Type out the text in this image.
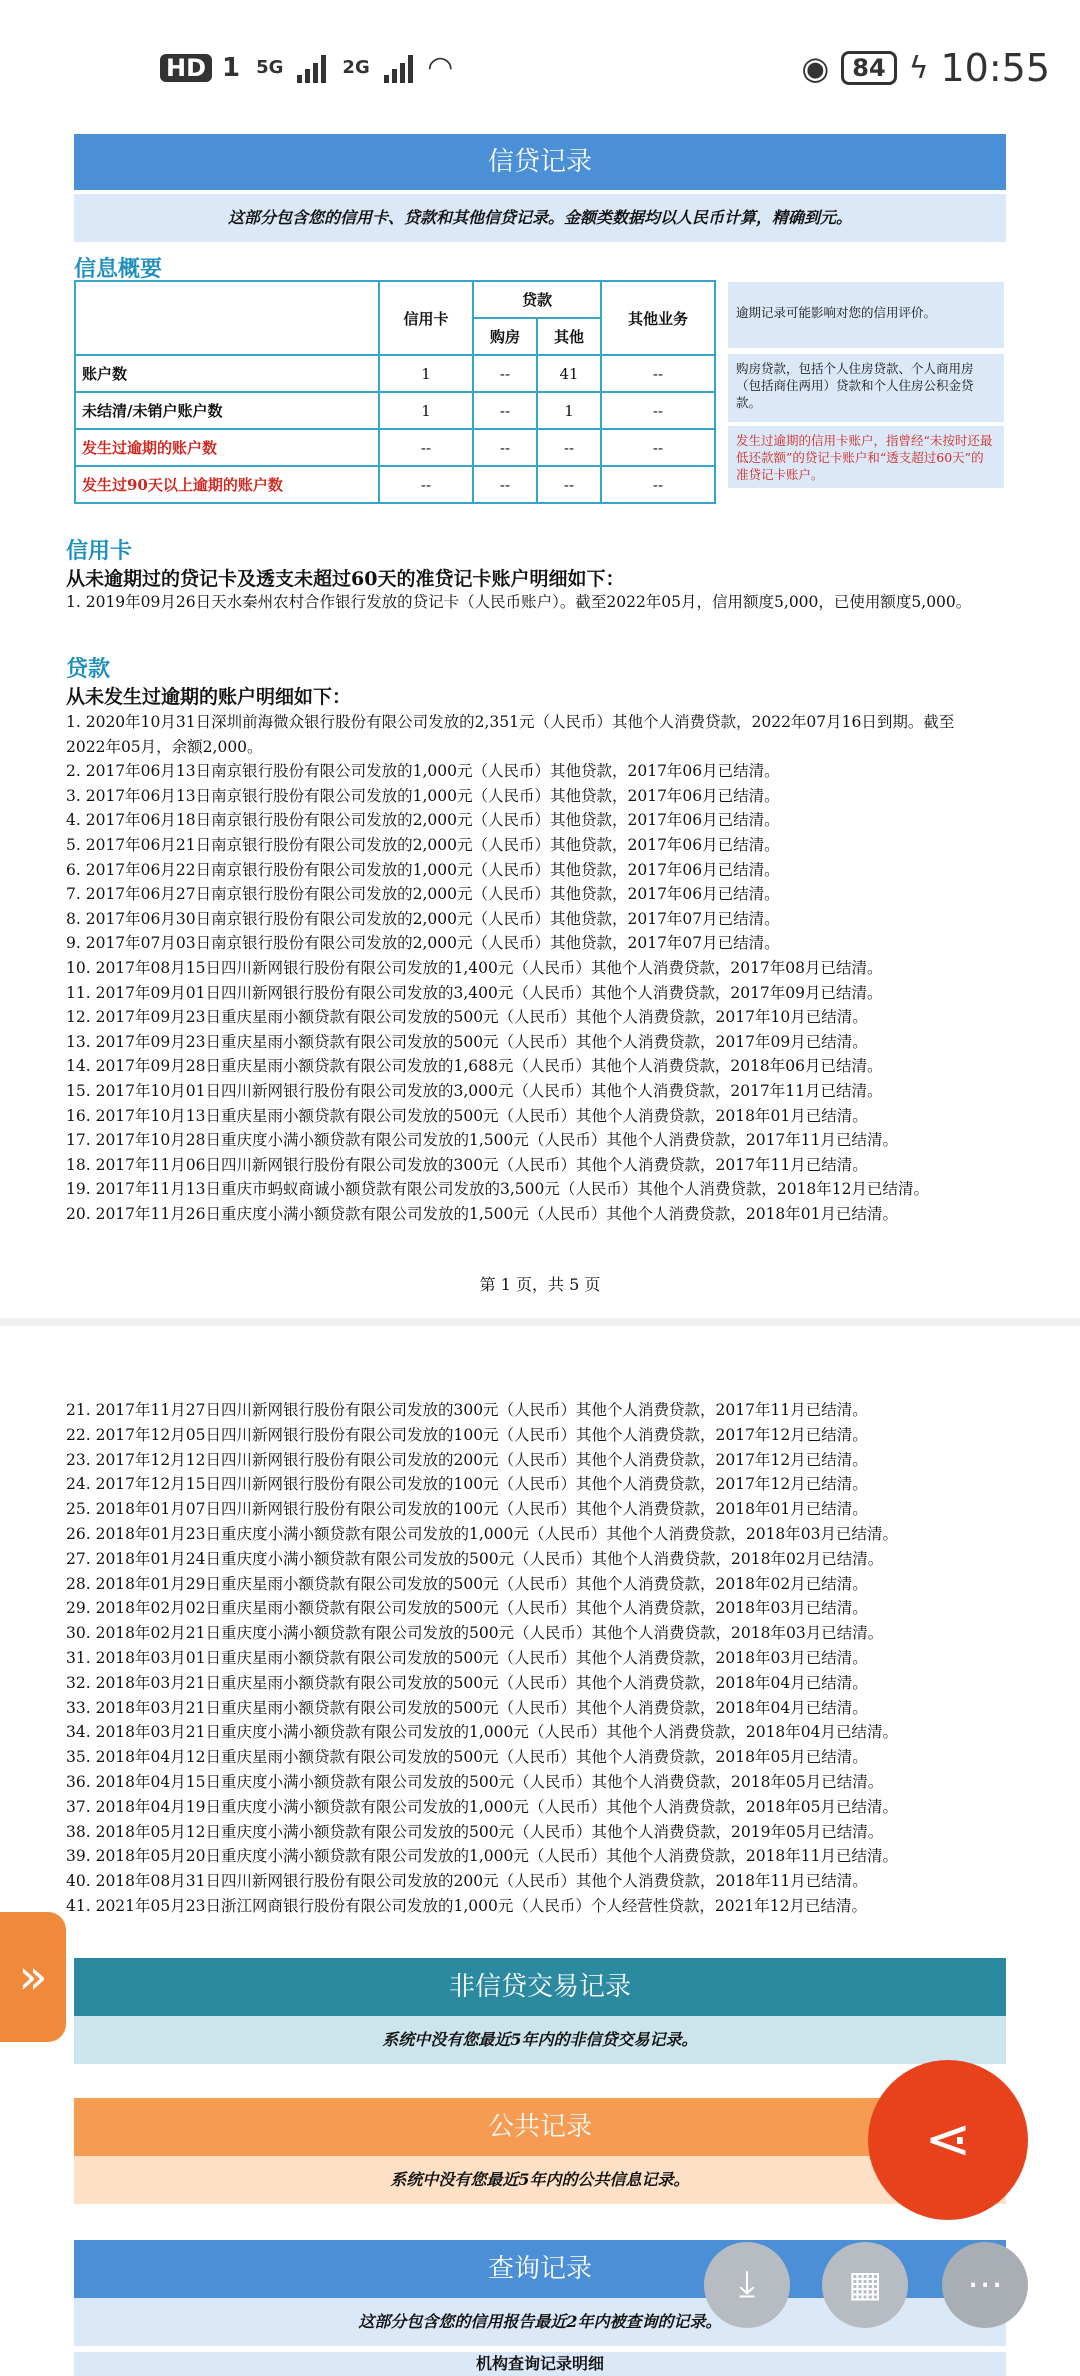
HD 1 5G	2G ◠	◉ 84 ϟ 10:55
信贷记录
这部分包含您的信用卡、贷款和其他信贷记录。金额类数据均以人民币计算，精确到元。
信息概要
	信用卡	贷款		其他业务
		购房	其他	
账户数	1	--	41	--
未结清/未销户账户数	1	--	1	--
发生过逾期的账户数	--	--	--	--
发生过90天以上逾期的账户数	--	--	--	--
逾期记录可能影响对您的信用评价。
购房贷款，包括个人住房贷款、个人商用房（包括商住两用）贷款和个人住房公积金贷款。
发生过逾期的信用卡账户，指曾经“未按时还最低还款额”的贷记卡账户和“透支超过60天”的准贷记卡账户。
信用卡
从未逾期过的贷记卡及透支未超过60天的准贷记卡账户明细如下：
1. 2019年09月26日天水秦州农村合作银行发放的贷记卡（人民币账户）。截至2022年05月，信用额度5,000，已使用额度5,000。
贷款
从未发生过逾期的账户明细如下：
1. 2020年10月31日深圳前海微众银行股份有限公司发放的2,351元（人民币）其他个人消费贷款，2022年07月16日到期。截至
2022年05月，余额2,000。
2. 2017年06月13日南京银行股份有限公司发放的1,000元（人民币）其他贷款，2017年06月已结清。
3. 2017年06月13日南京银行股份有限公司发放的1,000元（人民币）其他贷款，2017年06月已结清。
4. 2017年06月18日南京银行股份有限公司发放的2,000元（人民币）其他贷款，2017年06月已结清。
5. 2017年06月21日南京银行股份有限公司发放的2,000元（人民币）其他贷款，2017年06月已结清。
6. 2017年06月22日南京银行股份有限公司发放的1,000元（人民币）其他贷款，2017年06月已结清。
7. 2017年06月27日南京银行股份有限公司发放的2,000元（人民币）其他贷款，2017年06月已结清。
8. 2017年06月30日南京银行股份有限公司发放的2,000元（人民币）其他贷款，2017年07月已结清。
9. 2017年07月03日南京银行股份有限公司发放的2,000元（人民币）其他贷款，2017年07月已结清。
10. 2017年08月15日四川新网银行股份有限公司发放的1,400元（人民币）其他个人消费贷款，2017年08月已结清。
11. 2017年09月01日四川新网银行股份有限公司发放的3,400元（人民币）其他个人消费贷款，2017年09月已结清。
12. 2017年09月23日重庆星雨小额贷款有限公司发放的500元（人民币）其他个人消费贷款，2017年10月已结清。
13. 2017年09月23日重庆星雨小额贷款有限公司发放的500元（人民币）其他个人消费贷款，2017年09月已结清。
14. 2017年09月28日重庆星雨小额贷款有限公司发放的1,688元（人民币）其他个人消费贷款，2018年06月已结清。
15. 2017年10月01日四川新网银行股份有限公司发放的3,000元（人民币）其他个人消费贷款，2017年11月已结清。
16. 2017年10月13日重庆星雨小额贷款有限公司发放的500元（人民币）其他个人消费贷款，2018年01月已结清。
17. 2017年10月28日重庆度小满小额贷款有限公司发放的1,500元（人民币）其他个人消费贷款，2017年11月已结清。
18. 2017年11月06日四川新网银行股份有限公司发放的300元（人民币）其他个人消费贷款，2017年11月已结清。
19. 2017年11月13日重庆市蚂蚁商诚小额贷款有限公司发放的3,500元（人民币）其他个人消费贷款，2018年12月已结清。
20. 2017年11月26日重庆度小满小额贷款有限公司发放的1,500元（人民币）其他个人消费贷款，2018年01月已结清。
第 1 页，共 5 页
21. 2017年11月27日四川新网银行股份有限公司发放的300元（人民币）其他个人消费贷款，2017年11月已结清。
22. 2017年12月05日四川新网银行股份有限公司发放的100元（人民币）其他个人消费贷款，2017年12月已结清。
23. 2017年12月12日四川新网银行股份有限公司发放的200元（人民币）其他个人消费贷款，2017年12月已结清。
24. 2017年12月15日四川新网银行股份有限公司发放的100元（人民币）其他个人消费贷款，2017年12月已结清。
25. 2018年01月07日四川新网银行股份有限公司发放的100元（人民币）其他个人消费贷款，2018年01月已结清。
26. 2018年01月23日重庆度小满小额贷款有限公司发放的1,000元（人民币）其他个人消费贷款，2018年03月已结清。
27. 2018年01月24日重庆度小满小额贷款有限公司发放的500元（人民币）其他个人消费贷款，2018年02月已结清。
28. 2018年01月29日重庆星雨小额贷款有限公司发放的500元（人民币）其他个人消费贷款，2018年02月已结清。
29. 2018年02月02日重庆星雨小额贷款有限公司发放的500元（人民币）其他个人消费贷款，2018年03月已结清。
30. 2018年02月21日重庆度小满小额贷款有限公司发放的500元（人民币）其他个人消费贷款，2018年03月已结清。
31. 2018年03月01日重庆星雨小额贷款有限公司发放的500元（人民币）其他个人消费贷款，2018年03月已结清。
32. 2018年03月21日重庆星雨小额贷款有限公司发放的500元（人民币）其他个人消费贷款，2018年04月已结清。
33. 2018年03月21日重庆星雨小额贷款有限公司发放的500元（人民币）其他个人消费贷款，2018年04月已结清。
34. 2018年03月21日重庆度小满小额贷款有限公司发放的1,000元（人民币）其他个人消费贷款，2018年04月已结清。
35. 2018年04月12日重庆星雨小额贷款有限公司发放的500元（人民币）其他个人消费贷款，2018年05月已结清。
36. 2018年04月15日重庆度小满小额贷款有限公司发放的500元（人民币）其他个人消费贷款，2018年05月已结清。
37. 2018年04月19日重庆度小满小额贷款有限公司发放的1,000元（人民币）其他个人消费贷款，2018年05月已结清。
38. 2018年05月12日重庆度小满小额贷款有限公司发放的500元（人民币）其他个人消费贷款，2019年05月已结清。
39. 2018年05月20日重庆度小满小额贷款有限公司发放的1,000元（人民币）其他个人消费贷款，2018年11月已结清。
40. 2018年08月31日四川新网银行股份有限公司发放的200元（人民币）其他个人消费贷款，2018年11月已结清。
41. 2021年05月23日浙江网商银行股份有限公司发放的1,000元（人民币）个人经营性贷款，2021年12月已结清。
非信贷交易记录
系统中没有您最近5年内的非信贷交易记录。
公共记录
系统中没有您最近5年内的公共信息记录。
查询记录
这部分包含您的信用报告最近2年内被查询的记录。
机构查询记录明细
»
⤓	▦
⋖
⋯
